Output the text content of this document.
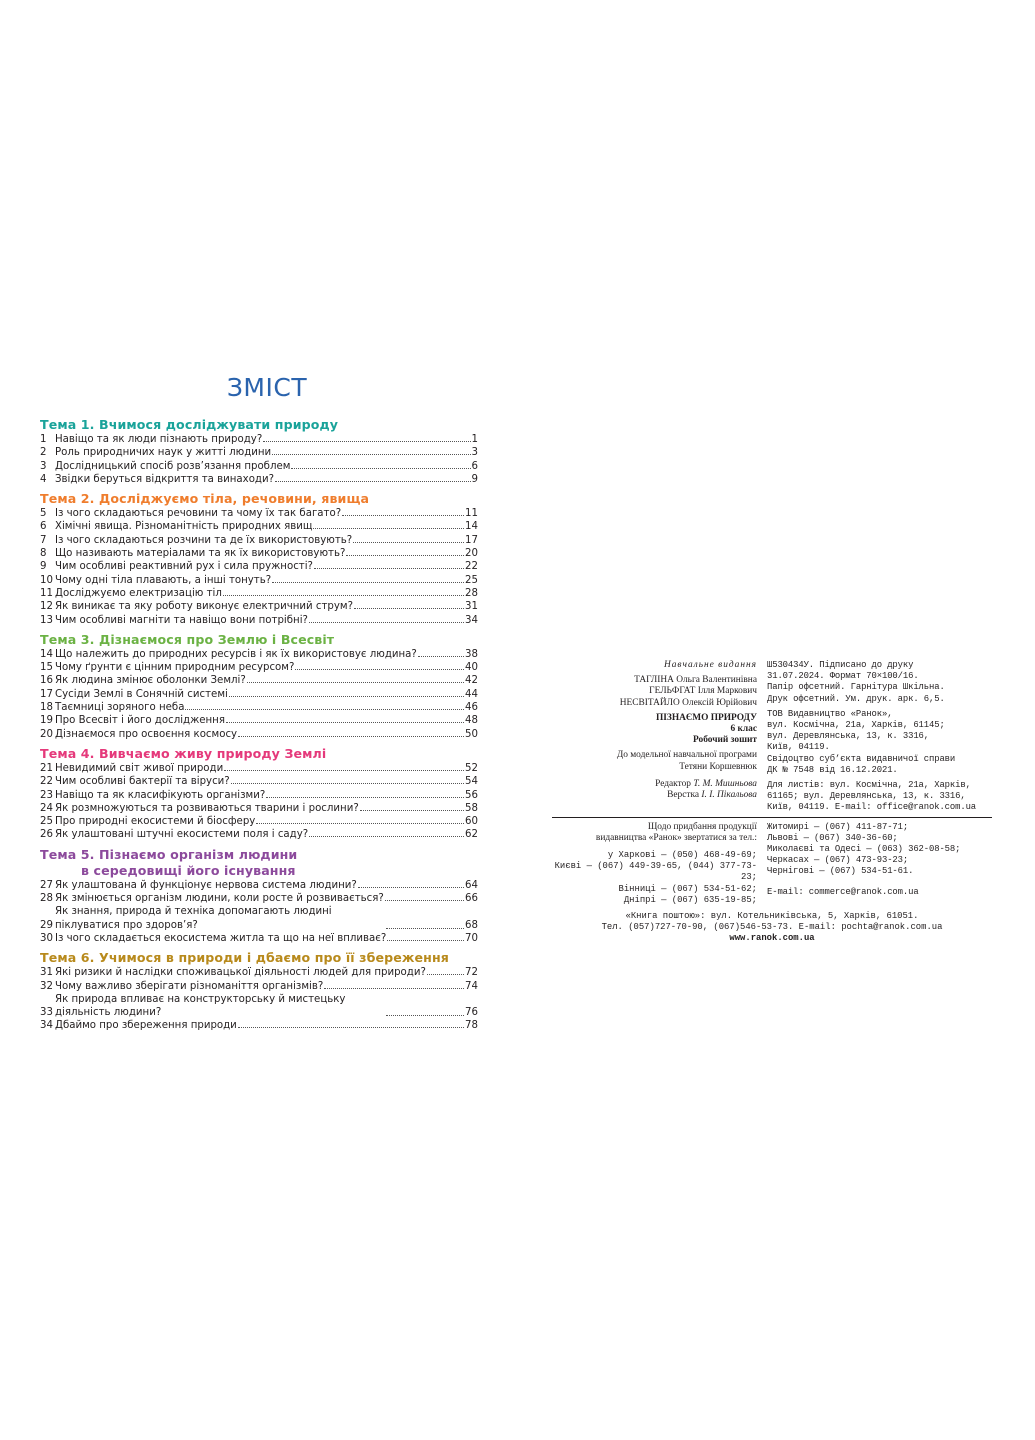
ЗМІСТ
Тема 1. Вчимося досліджувати природу
1 Навіщо та як люди пізнають природу?	1
2 Роль природничих наук у житті людини	3
3 Дослідницький спосіб розв’язання проблем	6
4 Звідки беруться відкриття та винаходи?	9
Тема 2. Досліджуємо тіла, речовини, явища
5 Із чого складаються речовини та чому їх так багато?	11
6 Хімічні явища. Різноманітність природних явищ	14
7 Із чого складаються розчини та де їх використовують?	17
8 Що називають матеріалами та як їх використовують?	20
9 Чим особливі реактивний рух і сила пружності?	22
10 Чому одні тіла плавають, а інші тонуть?	25
11 Досліджуємо електризацію тіл	28
12 Як виникає та яку роботу виконує електричний струм?	31
13 Чим особливі магніти та навіщо вони потрібні?	34
Тема 3. Дізнаємося про Землю і Всесвіт
14 Що належить до природних ресурсів і як їх використовує людина?	38
15 Чому ґрунти є цінним природним ресурсом?	40
16 Як людина змінює оболонки Землі?	42
17 Сусіди Землі в Сонячній системі	44
18 Таємниці зоряного неба	46
19 Про Всесвіт і його дослідження	48
20 Дізнаємося про освоєння космосу	50
Тема 4. Вивчаємо живу природу Землі
21 Невидимий світ живої природи	52
22 Чим особливі бактерії та віруси?	54
23 Навіщо та як класифікують організми?	56
24 Як розмножуються та розвиваються тварини і рослини?	58
25 Про природні екосистеми й біосферу	60
26 Як улаштовані штучні екосистеми поля і саду?	62
Тема 5. Пізнаємо організм людини
в середовищі його існування
27 Як улаштована й функціонує нервова система людини?	64
28 Як змінюється організм людини, коли росте й розвивається?	66
29
Як знання, природа й техніка допомагають людині піклуватися про здоров’я?	68
30 Із чого складається екосистема житла та що на неї впливає?	70
Тема 6. Учимося в природи і дбаємо про її збереження
31 Які ризики й наслідки споживацької діяльності людей для природи?	72
32 Чому важливо зберігати різноманіття організмів?	74
33
Як природа впливає на конструкторську й мистецьку діяльність людини?	76
34 Дбаймо про збереження природи	78
Навчальне видання
ТАГЛІНА Ольга Валентинівна
ГЕЛЬФГАТ Ілля Маркович
НЕСВІТАЙЛО Олексій Юрійович
ПІЗНАЄМО ПРИРОДУ
6 клас
Робочий зошит
До модельної навчальної програми
Тетяни Коршевнюк
Редактор Т. М. Мишньова
Верстка І. І. Пікальова
Ш530434У. Підписано до друку
31.07.2024. Формат 70×100/16.
Папір офсетний. Гарнітура Шкільна.
Друк офсетний. Ум. друк. арк. 6,5.
ТОВ Видавництво «Ранок»,
вул. Космічна, 21а, Харків, 61145;
вул. Деревлянська, 13, к. 3316,
Київ, 04119.
Свідоцтво суб’єкта видавничої справи
ДК № 7548 від 16.12.2021.
Для листів: вул. Космічна, 21а, Харків,
61165; вул. Деревлянська, 13, к. 3316,
Київ, 04119. E-mail: office@ranok.com.ua
Щодо придбання продукції
видавництва «Ранок» звертатися за тел.:
у Харкові — (050) 468-49-69;
Києві — (067) 449-39-65, (044) 377-73-23;
Вінниці — (067) 534-51-62;
Дніпрі — (067) 635-19-85;
Житомирі — (067) 411-87-71;
Львові — (067) 340-36-60;
Миколаєві та Одесі — (063) 362-08-58;
Черкасах — (067) 473-93-23;
Чернігові — (067) 534-51-61.
E-mail: commerce@ranok.com.ua
«Книга поштою»: вул. Котельниківська, 5, Харків, 61051.
Тел. (057)727-70-90, (067)546-53-73. E-mail: pochta@ranok.com.ua
www.ranok.com.ua
